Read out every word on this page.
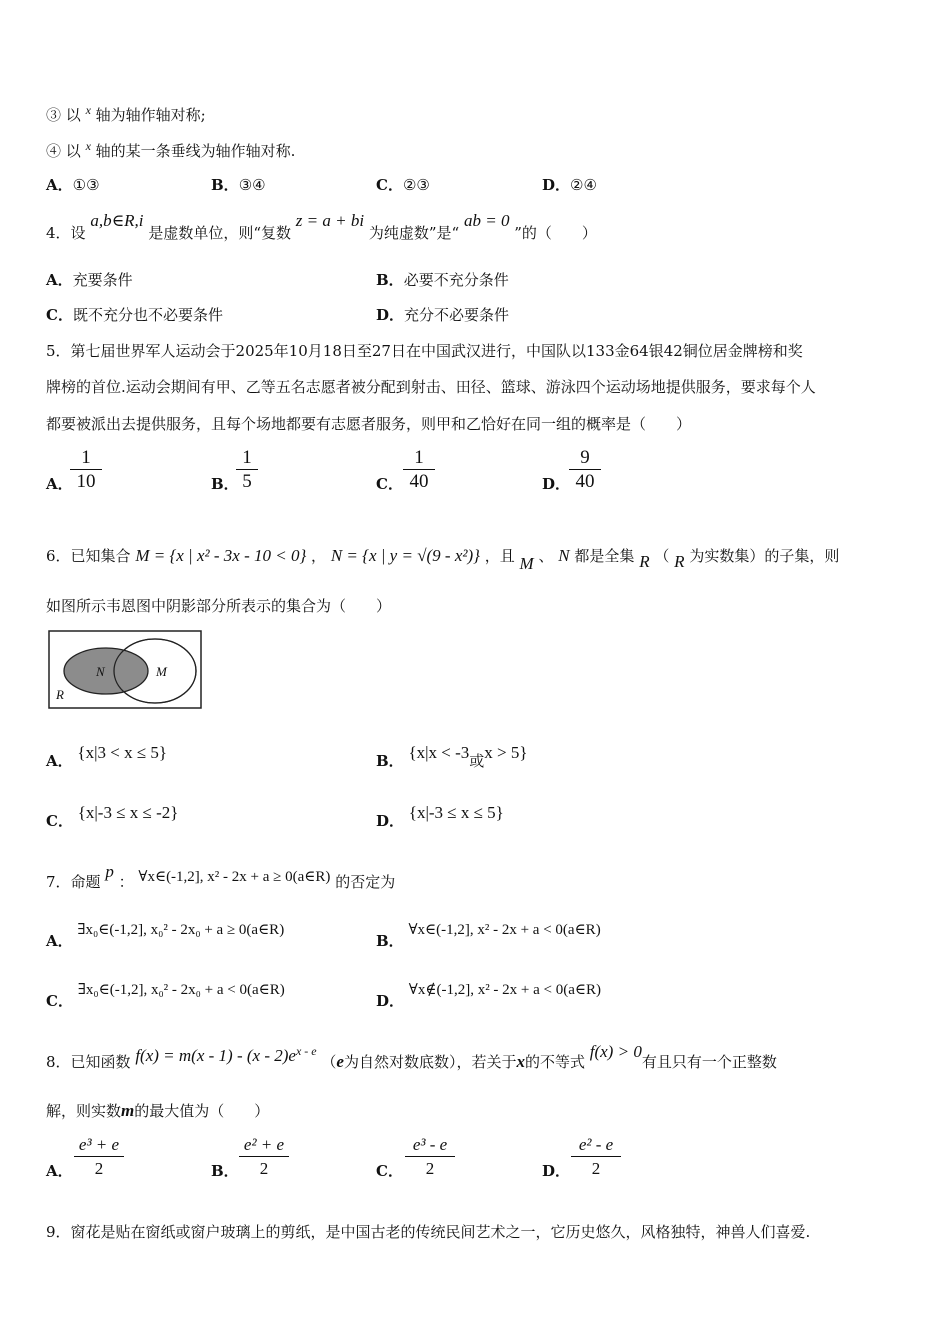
③ 以 $^x$ 轴为轴作轴对称;
④ 以 $^x$ 轴的某一条垂线为轴作轴对称.
A．①③	B．③④	C．②③	D．②④
4．设 a,b∈R,i 是虚数单位，则“复数 z = a + bi 为纯虚数”是“ ab = 0 ”的（　　）
A．充要条件	B．必要不充分条件
C．既不充分也不必要条件	D．充分不必要条件
5．第七届世界军人运动会于2025年10月18日至27日在中国武汉进行，中国队以133金64银42铜位居金牌榜和奖
牌榜的首位.运动会期间有甲、乙等五名志愿者被分配到射击、田径、篮球、游泳四个运动场地提供服务，要求每个人
都要被派出去提供服务，且每个场地都要有志愿者服务，则甲和乙恰好在同一组的概率是（　　）
A．
$\frac{1}{10}$	B．
$\frac{1}{5}$	C． $\frac{1}{40}$	D．
$\frac{9}{40}$
6．已知集合 M = {x | x² - 3x - 10 < 0} ， N = {x | y = √(9 - x²)} ，且 M 、 N 都是全集 R （ R 为实数集）的子集，则
如图所示韦恩图中阴影部分所表示的集合为（　　）
N	M
R
A． {x|3 < x ≤ 5}	B． {x|x < -3或x > 5}
C． {x|-3 ≤ x ≤ -2}	D． {x|-3 ≤ x ≤ 5}
7．命题 p ： ∀x∈(-1,2], x² - 2x + a ≥ 0(a∈R) 的否定为
A． ∃x₀∈(-1,2], x₀² - 2x₀ + a ≥ 0(a∈R)
B． ∀x∈(-1,2], x² - 2x + a < 0(a∈R)
C． ∃x₀∈(-1,2], x₀² - 2x₀ + a < 0(a∈R)
D． ∀x∉(-1,2], x² - 2x + a < 0(a∈R)
8．已知函数 $f(x) = m(x - 1) - (x - 2)e^{x - e}$ （e为自然对数底数），若关于x的不等式 f(x) > 0有且只有一个正整数
解，则实数m的最大值为（　　）
A． $\frac{\text{e³ + e}}{2}$	B． $\frac{\text{e² + e}}{2}$	C． $\frac{\text{e³ - e}}{2}$	D． $\frac{\text{e² - e}}{2}$
9．窗花是贴在窗纸或窗户玻璃上的剪纸，是中国古老的传统民间艺术之一，它历史悠久，风格独特，神兽人们喜爱.
